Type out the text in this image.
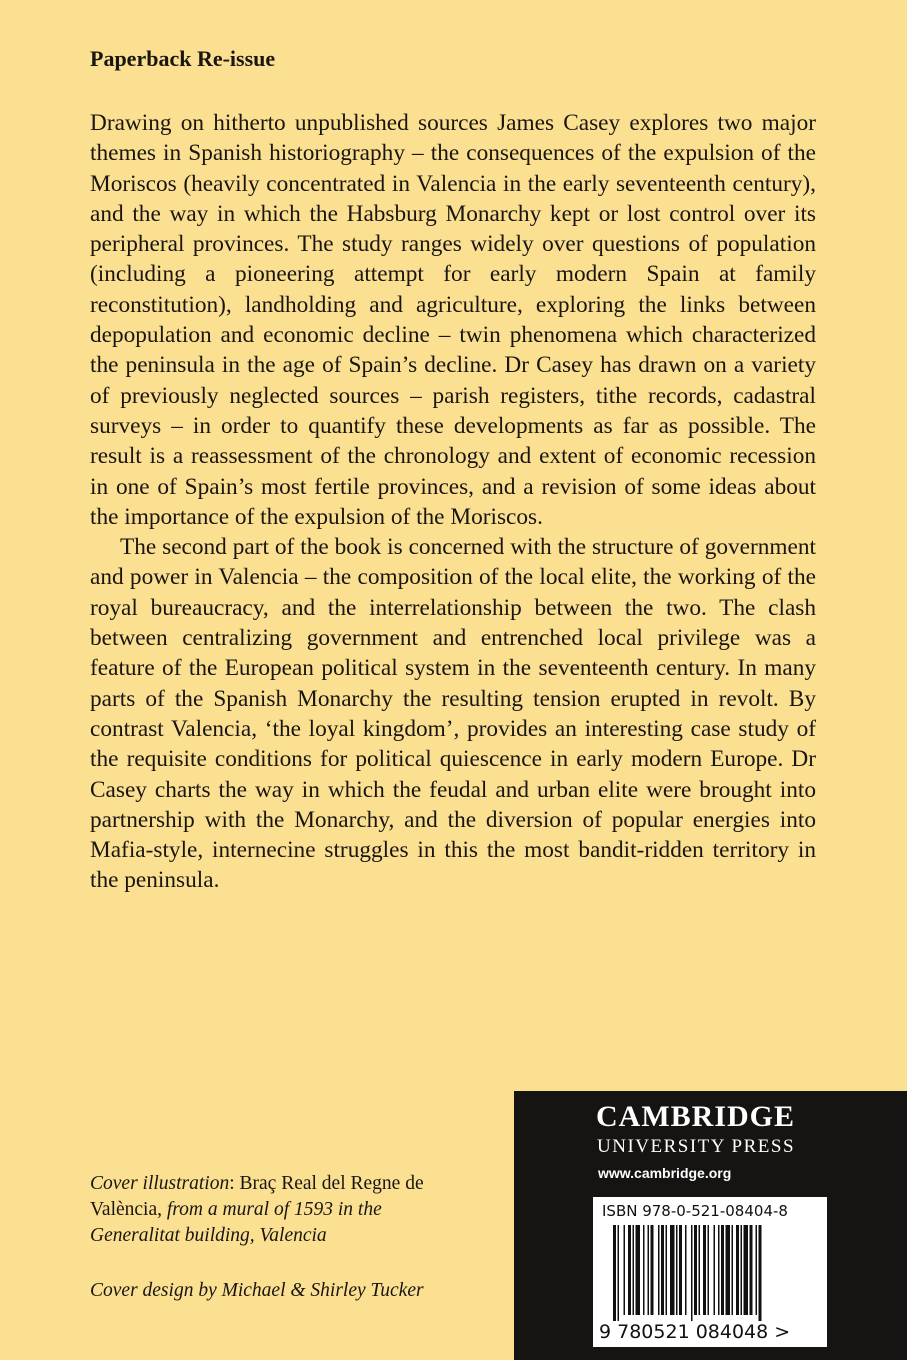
Paperback Re-issue

Drawing on hitherto unpublished sources James Casey explores two major themes in Spanish historiography – the consequences of the expulsion of the Moriscos (heavily concentrated in Valencia in the early seventeenth century), and the way in which the Habsburg Monarchy kept or lost control over its peripheral provinces. The study ranges widely over questions of population (including a pioneering attempt for early modern Spain at family reconstitution), landholding and agriculture, exploring the links between depopulation and economic decline – twin phenomena which characterized the peninsula in the age of Spain’s decline. Dr Casey has drawn on a variety of previously neglected sources – parish registers, tithe records, cadastral surveys – in order to quantify these developments as far as possible. The result is a reassessment of the chronology and extent of economic recession in one of Spain’s most fertile provinces, and a revision of some ideas about the importance of the expulsion of the Moriscos.

The second part of the book is concerned with the structure of government and power in Valencia – the composition of the local elite, the working of the royal bureaucracy, and the interrelationship between the two. The clash between centralizing government and entrenched local privilege was a feature of the European political system in the seventeenth century. In many parts of the Spanish Monarchy the resulting tension erupted in revolt. By contrast Valencia, ‘the loyal kingdom’, provides an interesting case study of the requisite conditions for political quiescence in early modern Europe. Dr Casey charts the way in which the feudal and urban elite were brought into partnership with the Monarchy, and the diversion of popular energies into Mafia-style, internecine struggles in this the most bandit-ridden territory in the peninsula.

Cover illustration: Braç Real del Regne de València, from a mural of 1593 in the Generalitat building, Valencia

Cover design by Michael & Shirley Tucker

CAMBRIDGE

UNIVERSITY PRESS

www.cambridge.org

ISBN 978-0-521-08404-8

9 780521 084048 >
